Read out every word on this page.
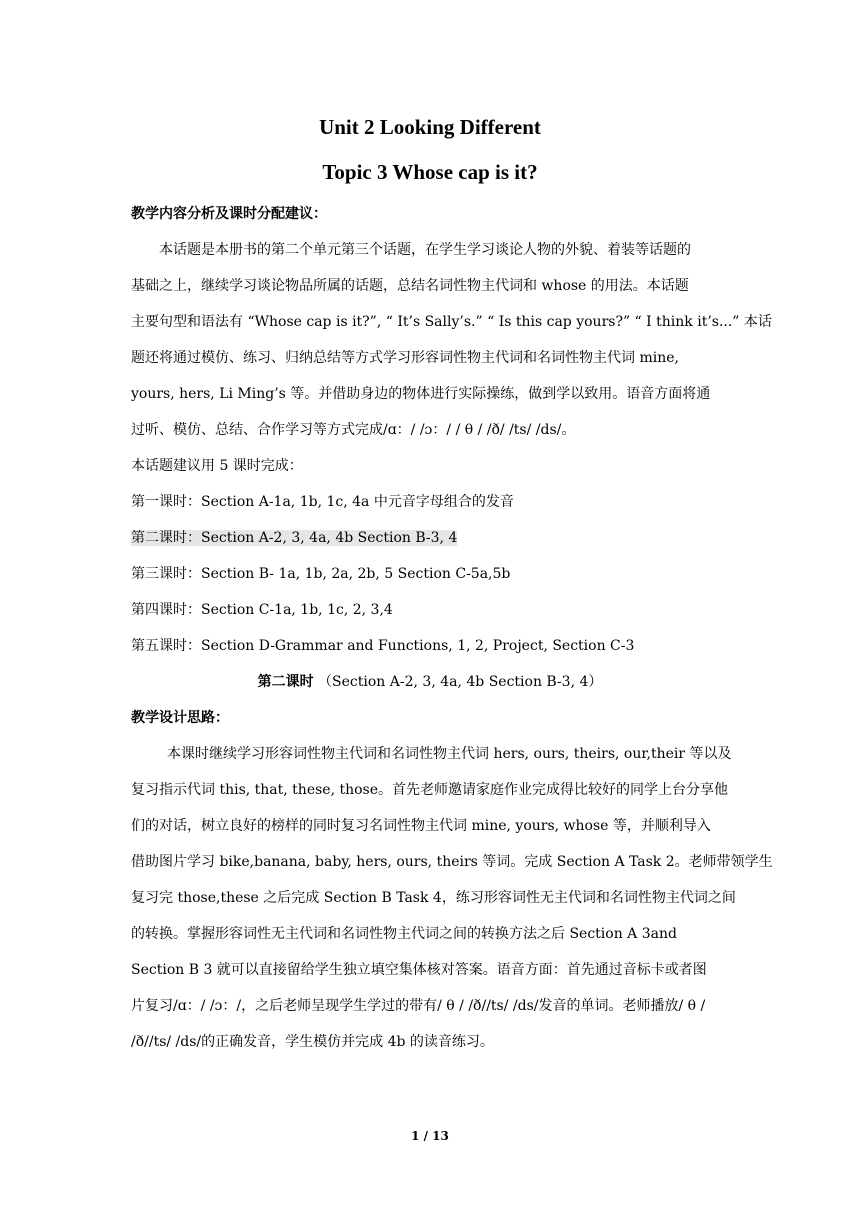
Unit 2 Looking Different
Topic 3 Whose cap is it?
教学内容分析及课时分配建议：
本话题是本册书的第二个单元第三个话题，在学生学习谈论人物的外貌、着装等话题的
基础之上，继续学习谈论物品所属的话题，总结名词性物主代词和 whose 的用法。本话题
主要句型和语法有 “Whose cap is it?”, “ It’s Sally’s.” “ Is this cap yours?” “ I think it’s...” 本话
题还将通过模仿、练习、归纳总结等方式学习形容词性物主代词和名词性物主代词 mine,
yours, hers, Li Ming’s 等。并借助身边的物体进行实际操练，做到学以致用。语音方面将通
过听、模仿、总结、合作学习等方式完成/ɑ：/ /ɔ：/ / θ / /ð/ /ts/ /ds/。
本话题建议用 5 课时完成：
第一课时：Section A-1a, 1b, 1c, 4a 中元音字母组合的发音
第二课时：Section A-2, 3, 4a, 4b Section B-3, 4
第三课时：Section B- 1a, 1b, 2a, 2b, 5 Section C-5a,5b
第四课时：Section C-1a, 1b, 1c, 2, 3,4
第五课时：Section D-Grammar and Functions, 1, 2, Project, Section C-3
第二课时 （Section A-2, 3, 4a, 4b Section B-3, 4）
教学设计思路：
本课时继续学习形容词性物主代词和名词性物主代词 hers, ours, theirs, our,their 等以及
复习指示代词 this, that, these, those。首先老师邀请家庭作业完成得比较好的同学上台分享他
们的对话，树立良好的榜样的同时复习名词性物主代词 mine, yours, whose 等，并顺利导入
借助图片学习 bike,banana, baby, hers, ours, theirs 等词。完成 Section A Task 2。老师带领学生
复习完 those,these 之后完成 Section B Task 4，练习形容词性无主代词和名词性物主代词之间
的转换。掌握形容词性无主代词和名词性物主代词之间的转换方法之后 Section A 3and
Section B 3 就可以直接留给学生独立填空集体核对答案。语音方面：首先通过音标卡或者图
片复习/ɑ：/ /ɔ：/，之后老师呈现学生学过的带有/ θ / /ð//ts/ /ds/发音的单词。老师播放/ θ /
/ð//ts/ /ds/的正确发音，学生模仿并完成 4b 的读音练习。
1 / 13
